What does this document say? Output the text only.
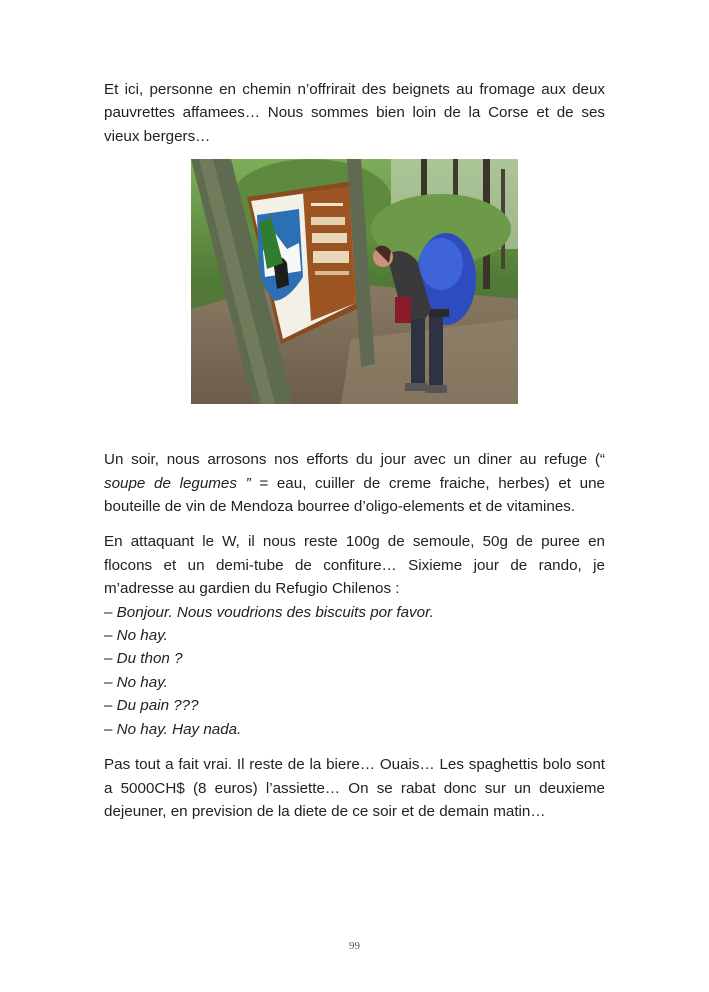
Et ici, personne en chemin n’offrirait des beignets au fromage aux deux pauvrettes affamees… Nous sommes bien loin de la Corse et de ses vieux bergers…

Un soir, nous arrosons nos efforts du jour avec un diner au refuge (“ soupe de legumes ” = eau, cuiller de creme fraiche, herbes) et une bouteille de vin de Mendoza bourree d’oligo-elements et de vitamines.

En attaquant le W, il nous reste 100g de semoule, 50g de puree en flocons et un demi-tube de confiture… Sixieme jour de rando, je m’adresse au gardien du Refugio Chilenos :
– Bonjour. Nous voudrions des biscuits por favor.
– No hay.
– Du thon ?
– No hay.
– Du pain ???
– No hay. Hay nada.

Pas tout a fait vrai. Il reste de la biere… Ouais… Les spaghettis bolo sont a 5000CH$ (8 euros) l’assiette… On se rabat donc sur un deuxieme dejeuner, en prevision de la diete de ce soir et de demain matin…

99
